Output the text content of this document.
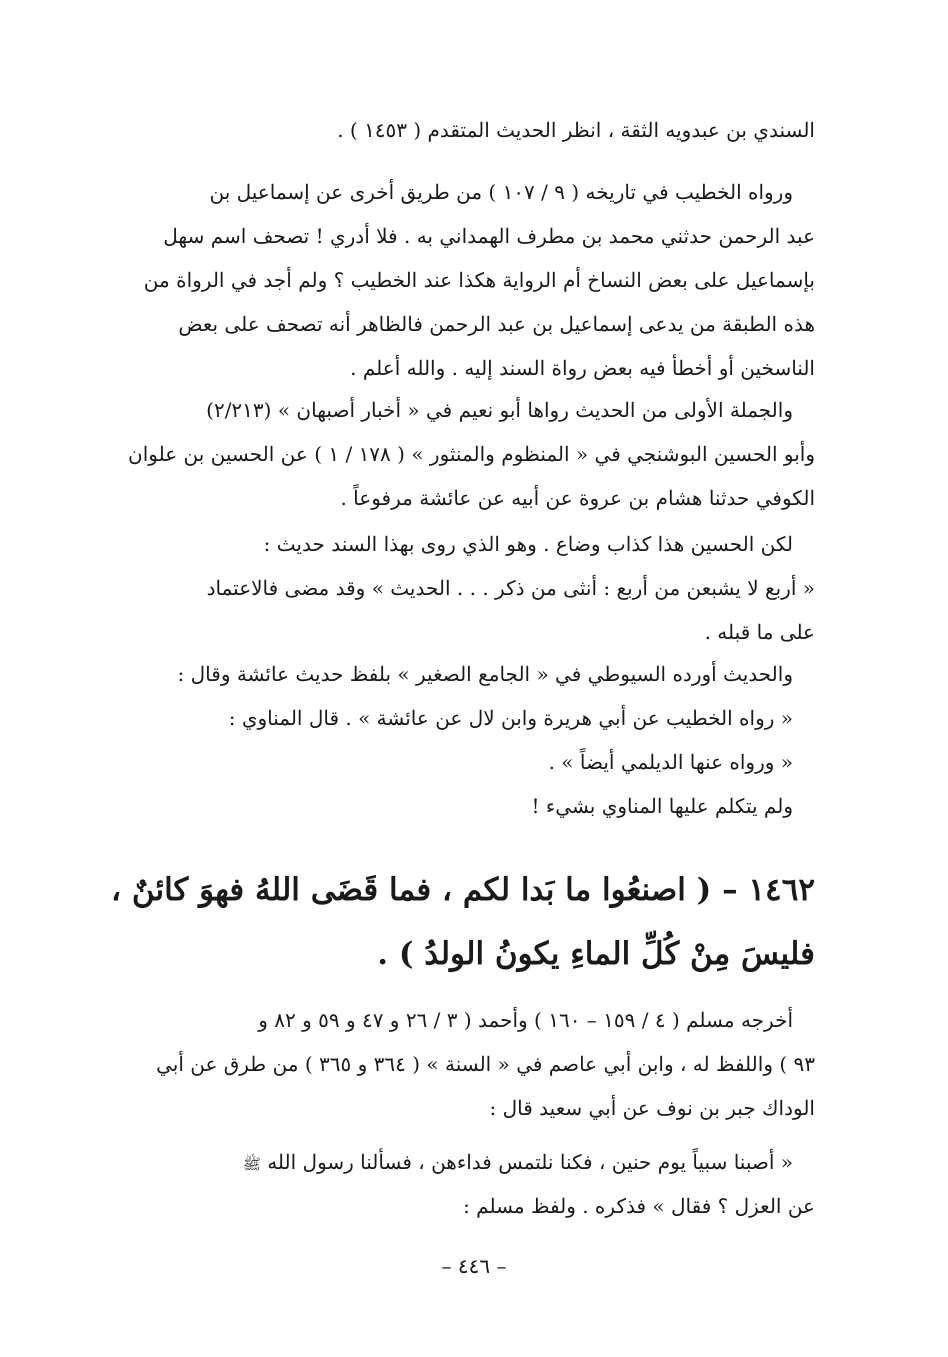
السندي بن عبدويه الثقة ، انظر الحديث المتقدم ( ١٤٥٣ ) .
ورواه الخطيب في تاريخه ( ٩ / ١٠٧ ) من طريق أخرى عن إسماعيل بن
عبد الرحمن حدثني محمد بن مطرف الهمداني به . فلا أدري ! تصحف اسم سهل
بإسماعيل على بعض النساخ أم الرواية هكذا عند الخطيب ؟ ولم أجد في الرواة من
هذه الطبقة من يدعى إسماعيل بن عبد الرحمن فالظاهر أنه تصحف على بعض
الناسخين أو أخطأ فيه بعض رواة السند إليه . والله أعلم .
والجملة الأولى من الحديث رواها أبو نعيم في « أخبار أصبهان » (٢/٢١٣)
وأبو الحسين البوشنجي في « المنظوم والمنثور » ( ١٧٨ / ١ ) عن الحسين بن علوان
الكوفي حدثنا هشام بن عروة عن أبيه عن عائشة مرفوعاً .
لكن الحسين هذا كذاب وضاع . وهو الذي روى بهذا السند حديث :
« أربع لا يشبعن من أربع : أنثى من ذكر . . . الحديث » وقد مضى فالاعتماد
على ما قبله .
والحديث أورده السيوطي في « الجامع الصغير » بلفظ حديث عائشة وقال :
« رواه الخطيب عن أبي هريرة وابن لال عن عائشة » . قال المناوي :
« ورواه عنها الديلمي أيضاً » .
ولم يتكلم عليها المناوي بشيء !
١٤٦٢ – ( اصنعُوا ما بَدا لكم ، فما قَضَى اللهُ فهوَ كائنٌ ،
فليسَ مِنْ كُلِّ الماءِ يكونُ الولدُ ) .
أخرجه مسلم ( ٤ / ١٥٩ – ١٦٠ ) وأحمد ( ٣ / ٢٦ و ٤٧ و ٥٩ و ٨٢ و
٩٣ ) واللفظ له ، وابن أبي عاصم في « السنة » ( ٣٦٤ و ٣٦٥ ) من طرق عن أبي
الوداك جبر بن نوف عن أبي سعيد قال :
« أصبنا سبياً يوم حنين ، فكنا نلتمس فداءهن ، فسألنا رسول الله ﷺ
عن العزل ؟ فقال » فذكره . ولفظ مسلم :
– ٤٤٦ –
